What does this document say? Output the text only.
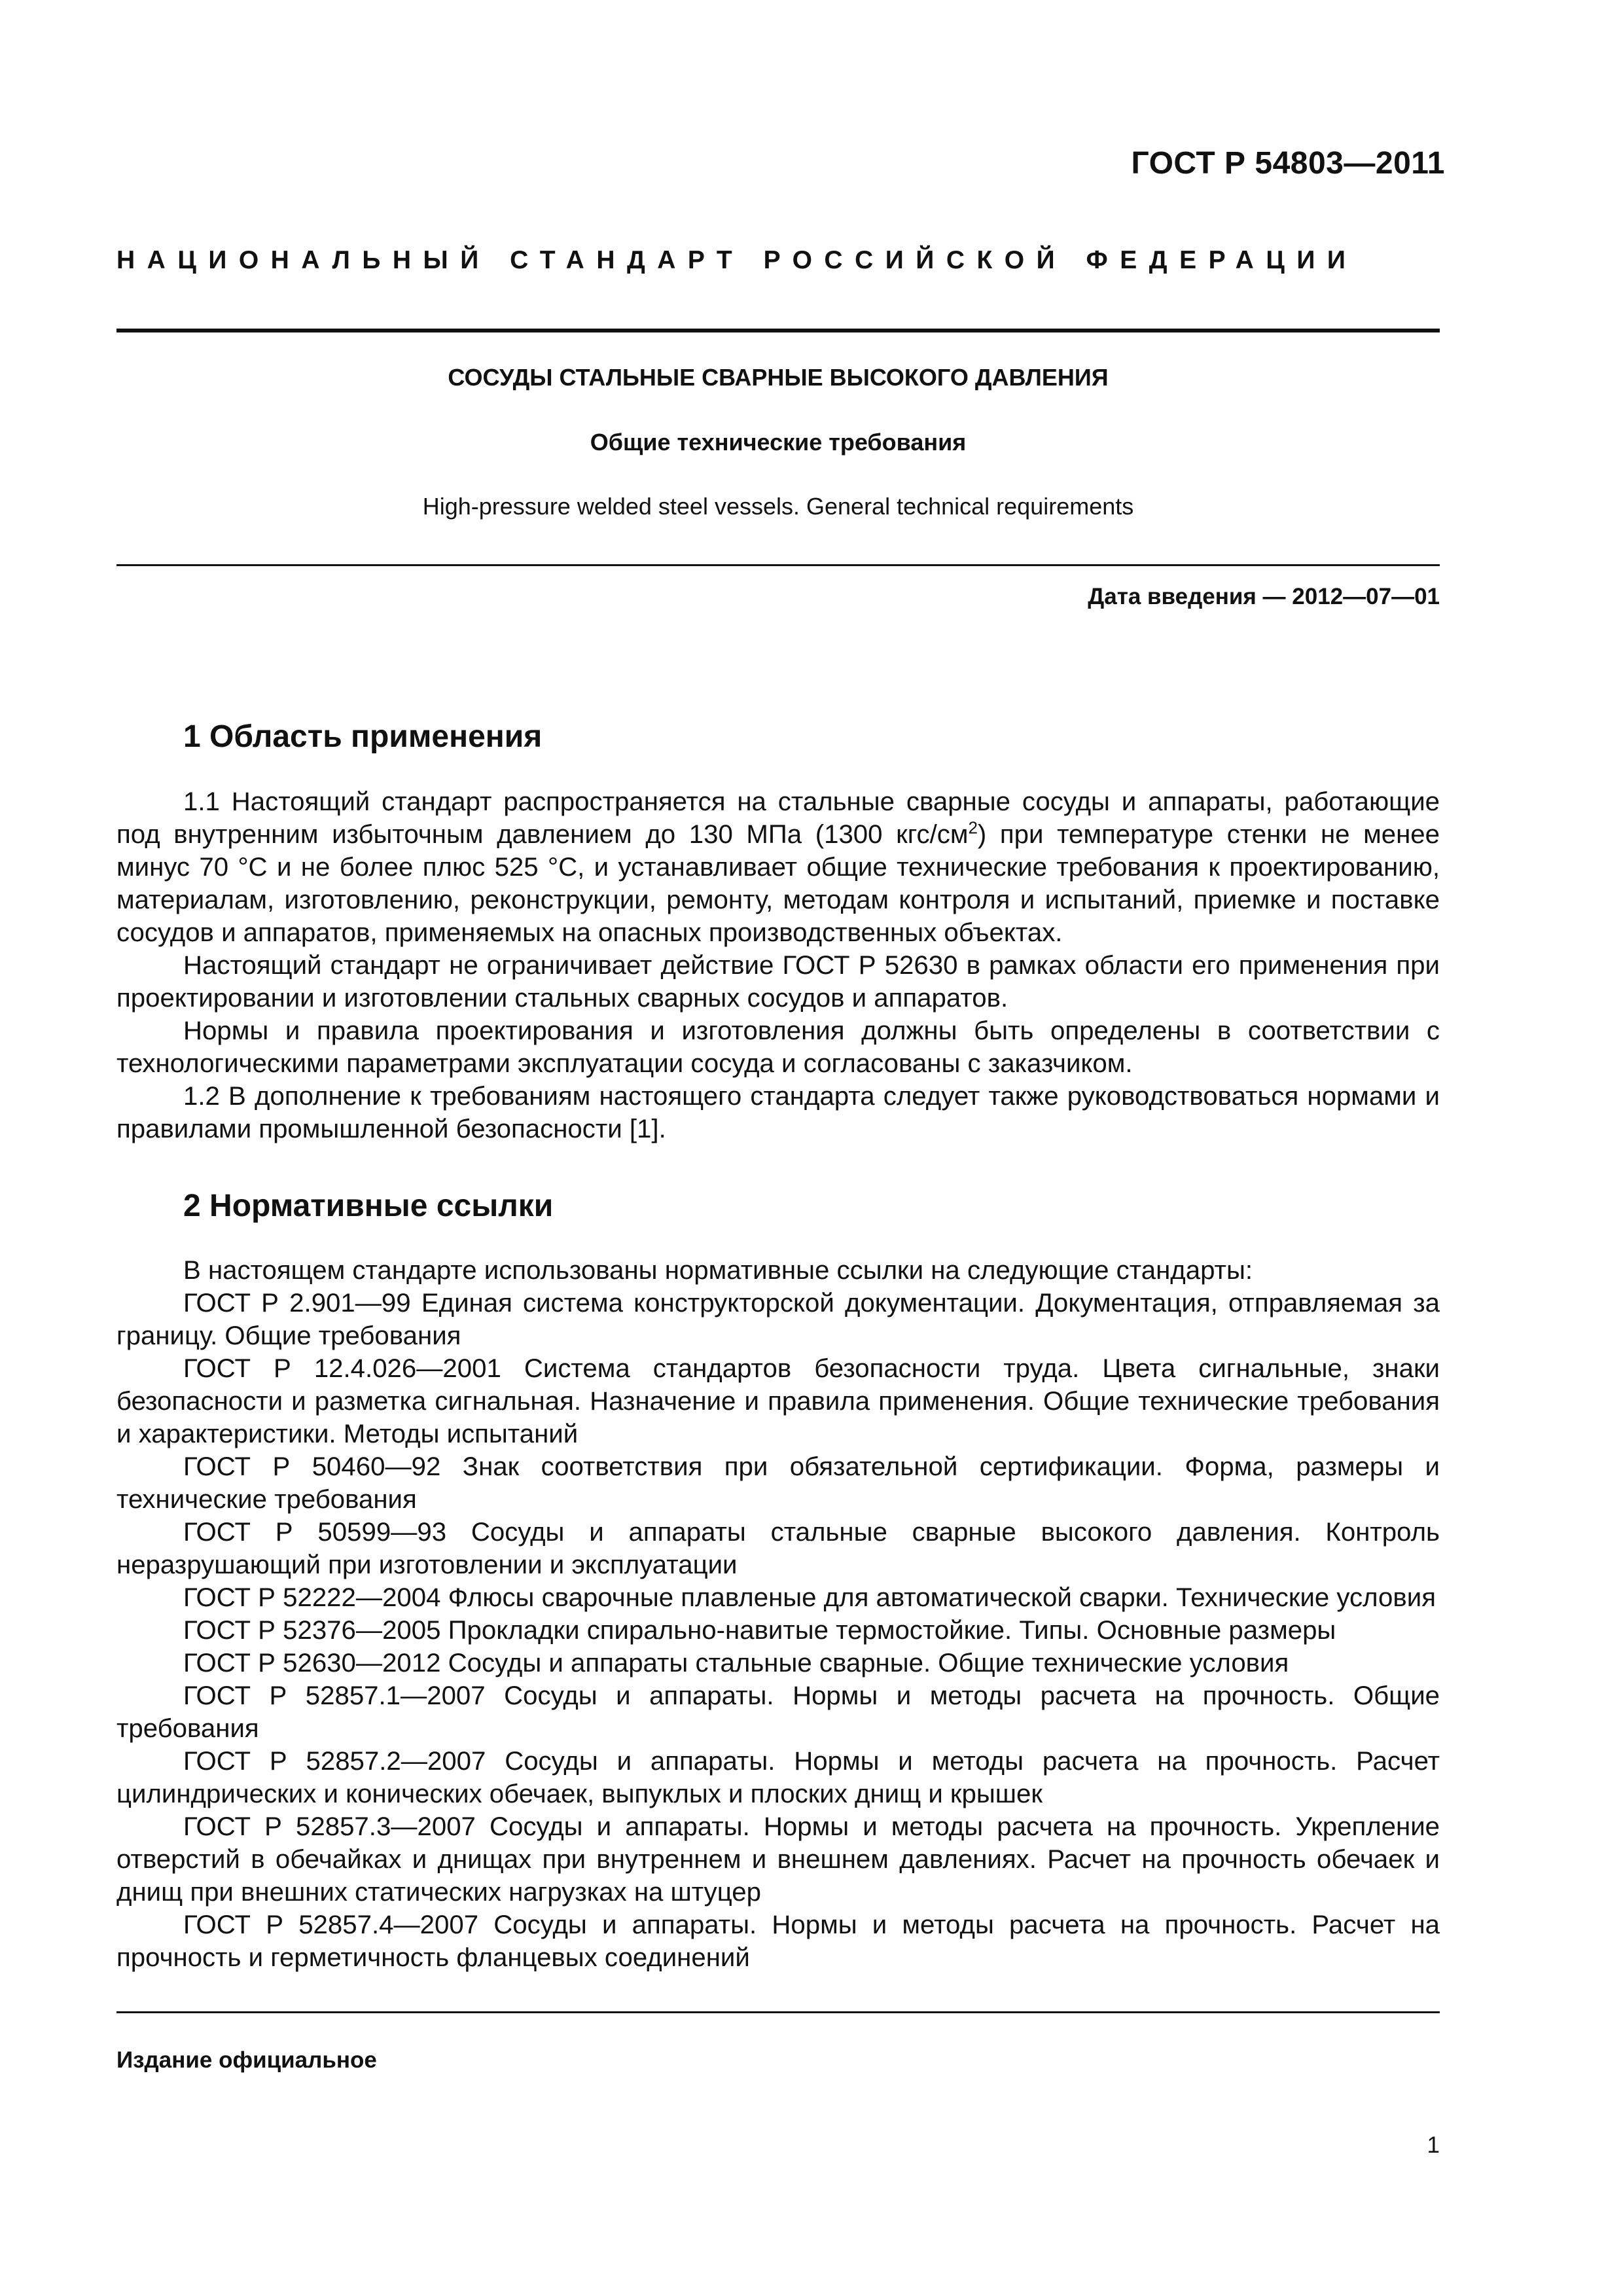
ГОСТ Р 54803—2011
НАЦИОНАЛЬНЫЙ СТАНДАРТ РОССИЙСКОЙ ФЕДЕРАЦИИ
СОСУДЫ СТАЛЬНЫЕ СВАРНЫЕ ВЫСОКОГО ДАВЛЕНИЯ
Общие технические требования
High-pressure welded steel vessels. General technical requirements
Дата введения — 2012—07—01
1 Область применения

1.1 Настоящий стандарт распространяется на стальные сварные сосуды и аппараты, работающие под внутренним избыточным давлением до 130 МПа (1300 кгс/$см^2$) при температуре стенки не менее минус 70 °С и не более плюс 525 °С, и устанавливает общие технические требования к проектированию, материалам, изготовлению, реконструкции, ремонту, методам контроля и испытаний, приемке и поставке сосудов и аппаратов, применяемых на опасных производственных объектах.

Настоящий стандарт не ограничивает действие ГОСТ Р 52630 в рамках области его применения при проектировании и изготовлении стальных сварных сосудов и аппаратов.

Нормы и правила проектирования и изготовления должны быть определены в соответствии с технологическими параметрами эксплуатации сосуда и согласованы с заказчиком.

1.2 В дополнение к требованиям настоящего стандарта следует также руководствоваться нормами и правилами промышленной безопасности [1].

2 Нормативные ссылки

В настоящем стандарте использованы нормативные ссылки на следующие стандарты:

ГОСТ Р 2.901—99 Единая система конструкторской документации. Документация, отправляемая за границу. Общие требования

ГОСТ Р 12.4.026—2001 Система стандартов безопасности труда. Цвета сигнальные, знаки безопасности и разметка сигнальная. Назначение и правила применения. Общие технические требования и характеристики. Методы испытаний

ГОСТ Р 50460—92 Знак соответствия при обязательной сертификации. Форма, размеры и технические требования

ГОСТ Р 50599—93 Сосуды и аппараты стальные сварные высокого давления. Контроль неразрушающий при изготовлении и эксплуатации

ГОСТ Р 52222—2004 Флюсы сварочные плавленые для автоматической сварки. Технические условия

ГОСТ Р 52376—2005 Прокладки спирально-навитые термостойкие. Типы. Основные размеры

ГОСТ Р 52630—2012 Сосуды и аппараты стальные сварные. Общие технические условия

ГОСТ Р 52857.1—2007 Сосуды и аппараты. Нормы и методы расчета на прочность. Общие требования

ГОСТ Р 52857.2—2007 Сосуды и аппараты. Нормы и методы расчета на прочность. Расчет цилиндрических и конических обечаек, выпуклых и плоских днищ и крышек

ГОСТ Р 52857.3—2007 Сосуды и аппараты. Нормы и методы расчета на прочность. Укрепление отверстий в обечайках и днищах при внутреннем и внешнем давлениях. Расчет на прочность обечаек и днищ при внешних статических нагрузках на штуцер

ГОСТ Р 52857.4—2007 Сосуды и аппараты. Нормы и методы расчета на прочность. Расчет на прочность и герметичность фланцевых соединений

Издание официальное
1
